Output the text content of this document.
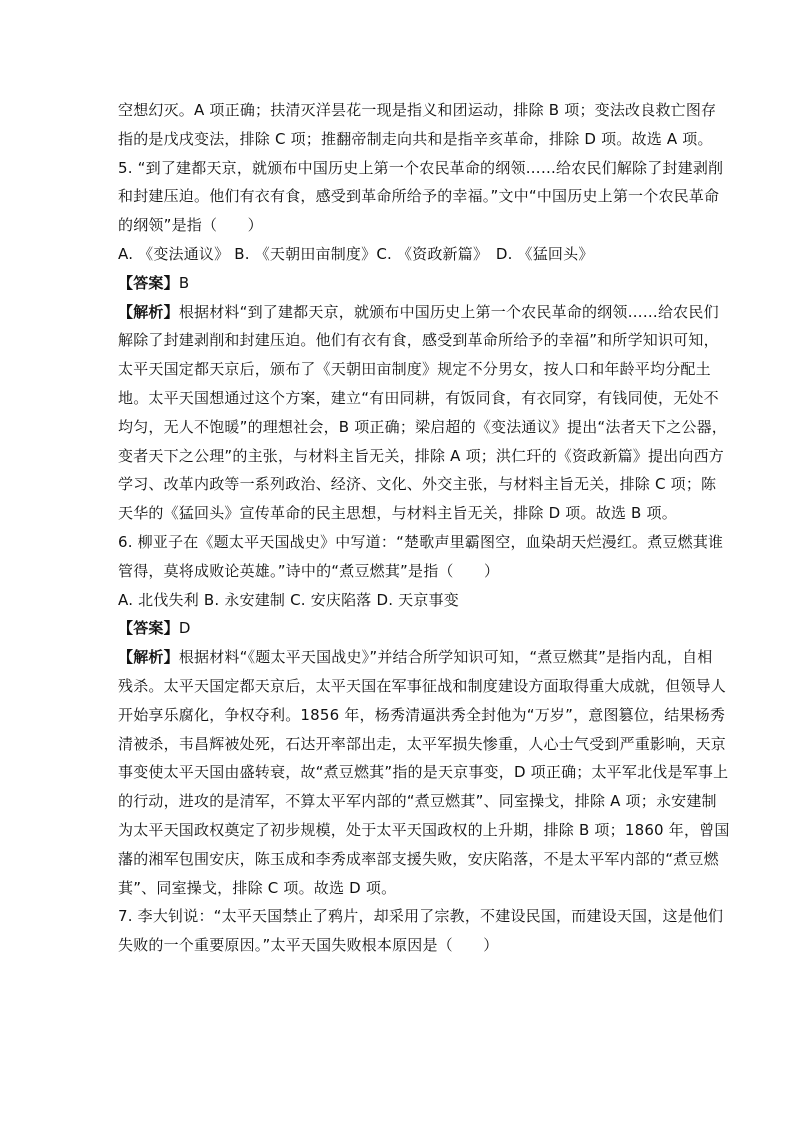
空想幻灭。A 项正确；扶清灭洋昙花一现是指义和团运动，排除 B 项；变法改良救亡图存
指的是戊戌变法，排除 C 项；推翻帝制走向共和是指辛亥革命，排除 D 项。故选 A 项。
5. “到了建都天京，就颁布中国历史上第一个农民革命的纲领……给农民们解除了封建剥削
和封建压迫。他们有衣有食，感受到革命所给予的幸福。”文中“中国历史上第一个农民革命
的纲领”是指（　　）
A. 《变法通议》 B. 《天朝田亩制度》C. 《资政新篇》　D. 《猛回头》
【答案】B
【解析】根据材料“到了建都天京，就颁布中国历史上第一个农民革命的纲领……给农民们
解除了封建剥削和封建压迫。他们有衣有食，感受到革命所给予的幸福”和所学知识可知，
太平天国定都天京后，颁布了《天朝田亩制度》规定不分男女，按人口和年龄平均分配土
地。太平天国想通过这个方案，建立“有田同耕，有饭同食，有衣同穿，有钱同使，无处不
均匀，无人不饱暖”的理想社会，B 项正确；梁启超的《变法通议》提出“法者天下之公器，
变者天下之公理”的主张，与材料主旨无关，排除 A 项；洪仁玕的《资政新篇》提出向西方
学习、改革内政等一系列政治、经济、文化、外交主张，与材料主旨无关，排除 C 项；陈
天华的《猛回头》宣传革命的民主思想，与材料主旨无关，排除 D 项。故选 B 项。
6. 柳亚子在《题太平天国战史》中写道：“楚歌声里霸图空，血染胡天烂漫红。煮豆燃萁谁
管得，莫将成败论英雄。”诗中的“煮豆燃萁”是指（　　）
A. 北伐失利 B. 永安建制 C. 安庆陷落 D. 天京事变
【答案】D
【解析】根据材料“《题太平天国战史》”并结合所学知识可知，“煮豆燃萁”是指内乱，自相
残杀。太平天国定都天京后，太平天国在军事征战和制度建设方面取得重大成就，但领导人
开始享乐腐化，争权夺利。1856 年，杨秀清逼洪秀全封他为“万岁”，意图篡位，结果杨秀
清被杀，韦昌辉被处死，石达开率部出走，太平军损失惨重，人心士气受到严重影响，天京
事变使太平天国由盛转衰，故“煮豆燃萁”指的是天京事变，D 项正确；太平军北伐是军事上
的行动，进攻的是清军，不算太平军内部的“煮豆燃萁”、同室操戈，排除 A 项；永安建制
为太平天国政权奠定了初步规模，处于太平天国政权的上升期，排除 B 项；1860 年，曾国
藩的湘军包围安庆，陈玉成和李秀成率部支援失败，安庆陷落，不是太平军内部的“煮豆燃
萁”、同室操戈，排除 C 项。故选 D 项。
7. 李大钊说：“太平天国禁止了鸦片，却采用了宗教，不建设民国，而建设天国，这是他们
失败的一个重要原因。”太平天国失败根本原因是（　　）
